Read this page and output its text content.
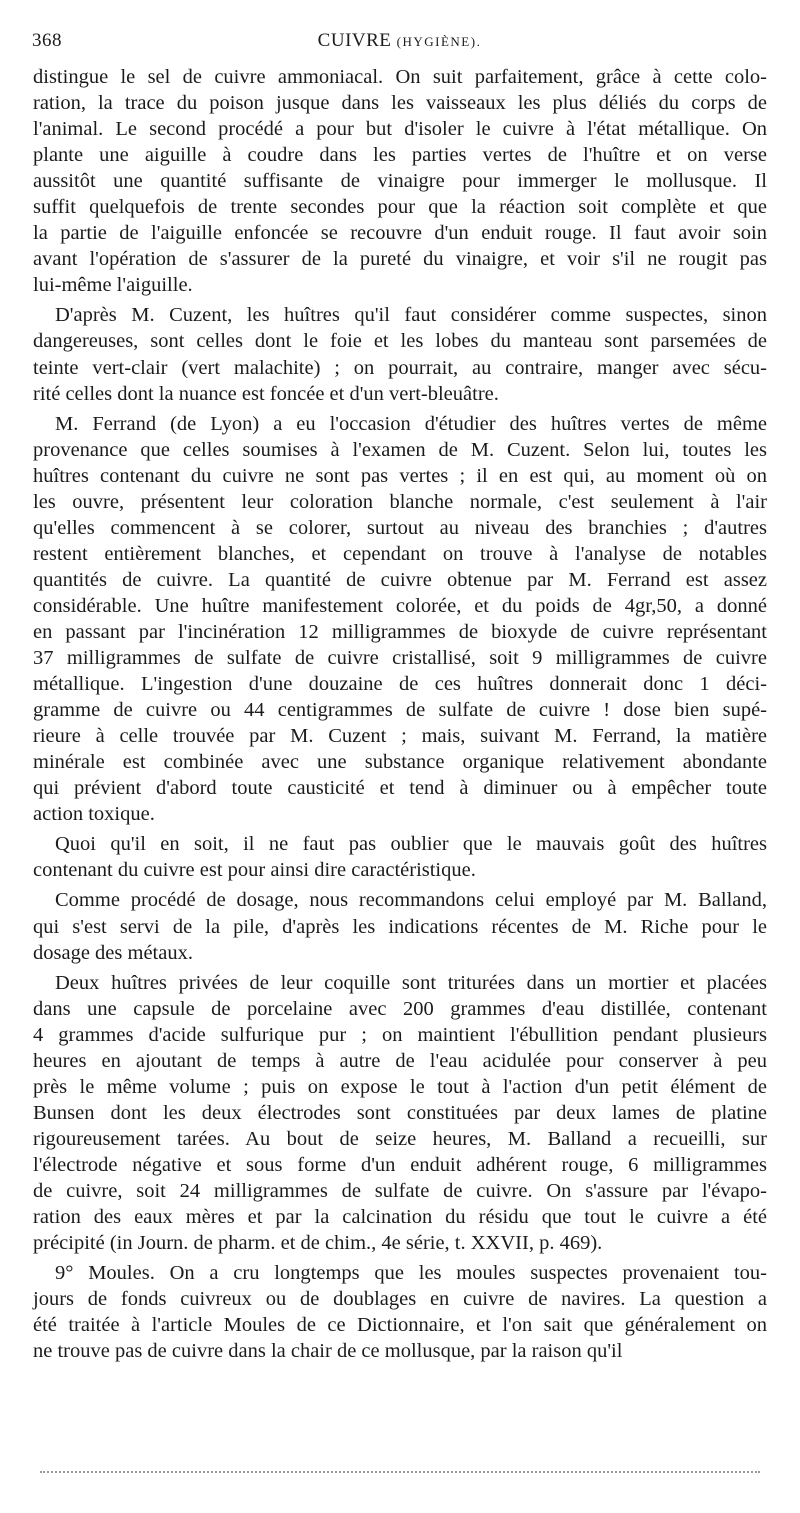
368	CUIVRE (HYGIÈNE).
distingue le sel de cuivre ammoniacal. On suit parfaitement, grâce à cette colo-
ration, la trace du poison jusque dans les vaisseaux les plus déliés du corps de
l'animal. Le second procédé a pour but d'isoler le cuivre à l'état métallique. On
plante une aiguille à coudre dans les parties vertes de l'huître et on verse
aussitôt une quantité suffisante de vinaigre pour immerger le mollusque. Il
suffit quelquefois de trente secondes pour que la réaction soit complète et que
la partie de l'aiguille enfoncée se recouvre d'un enduit rouge. Il faut avoir soin
avant l'opération de s'assurer de la pureté du vinaigre, et voir s'il ne rougit pas
lui-même l'aiguille.
D'après M. Cuzent, les huîtres qu'il faut considérer comme suspectes, sinon
dangereuses, sont celles dont le foie et les lobes du manteau sont parsemées de
teinte vert-clair (vert malachite) ; on pourrait, au contraire, manger avec sécu-
rité celles dont la nuance est foncée et d'un vert-bleuâtre.
M. Ferrand (de Lyon) a eu l'occasion d'étudier des huîtres vertes de même
provenance que celles soumises à l'examen de M. Cuzent. Selon lui, toutes les
huîtres contenant du cuivre ne sont pas vertes ; il en est qui, au moment où on
les ouvre, présentent leur coloration blanche normale, c'est seulement à l'air
qu'elles commencent à se colorer, surtout au niveau des branchies ; d'autres
restent entièrement blanches, et cependant on trouve à l'analyse de notables
quantités de cuivre. La quantité de cuivre obtenue par M. Ferrand est assez
considérable. Une huître manifestement colorée, et du poids de 4gr,50, a donné
en passant par l'incinération 12 milligrammes de bioxyde de cuivre représentant
37 milligrammes de sulfate de cuivre cristallisé, soit 9 milligrammes de cuivre
métallique. L'ingestion d'une douzaine de ces huîtres donnerait donc 1 déci-
gramme de cuivre ou 44 centigrammes de sulfate de cuivre ! dose bien supé-
rieure à celle trouvée par M. Cuzent ; mais, suivant M. Ferrand, la matière
minérale est combinée avec une substance organique relativement abondante
qui prévient d'abord toute causticité et tend à diminuer ou à empêcher toute
action toxique.
Quoi qu'il en soit, il ne faut pas oublier que le mauvais goût des huîtres
contenant du cuivre est pour ainsi dire caractéristique.
Comme procédé de dosage, nous recommandons celui employé par M. Balland,
qui s'est servi de la pile, d'après les indications récentes de M. Riche pour le
dosage des métaux.
Deux huîtres privées de leur coquille sont triturées dans un mortier et placées
dans une capsule de porcelaine avec 200 grammes d'eau distillée, contenant
4 grammes d'acide sulfurique pur ; on maintient l'ébullition pendant plusieurs
heures en ajoutant de temps à autre de l'eau acidulée pour conserver à peu
près le même volume ; puis on expose le tout à l'action d'un petit élément de
Bunsen dont les deux électrodes sont constituées par deux lames de platine
rigoureusement tarées. Au bout de seize heures, M. Balland a recueilli, sur
l'électrode négative et sous forme d'un enduit adhérent rouge, 6 milligrammes
de cuivre, soit 24 milligrammes de sulfate de cuivre. On s'assure par l'évapo-
ration des eaux mères et par la calcination du résidu que tout le cuivre a été
précipité (in Journ. de pharm. et de chim., 4e série, t. XXVII, p. 469).
9° Moules. On a cru longtemps que les moules suspectes provenaient tou-
jours de fonds cuivreux ou de doublages en cuivre de navires. La question a
été traitée à l'article Moules de ce Dictionnaire, et l'on sait que généralement on
ne trouve pas de cuivre dans la chair de ce mollusque, par la raison qu'il
